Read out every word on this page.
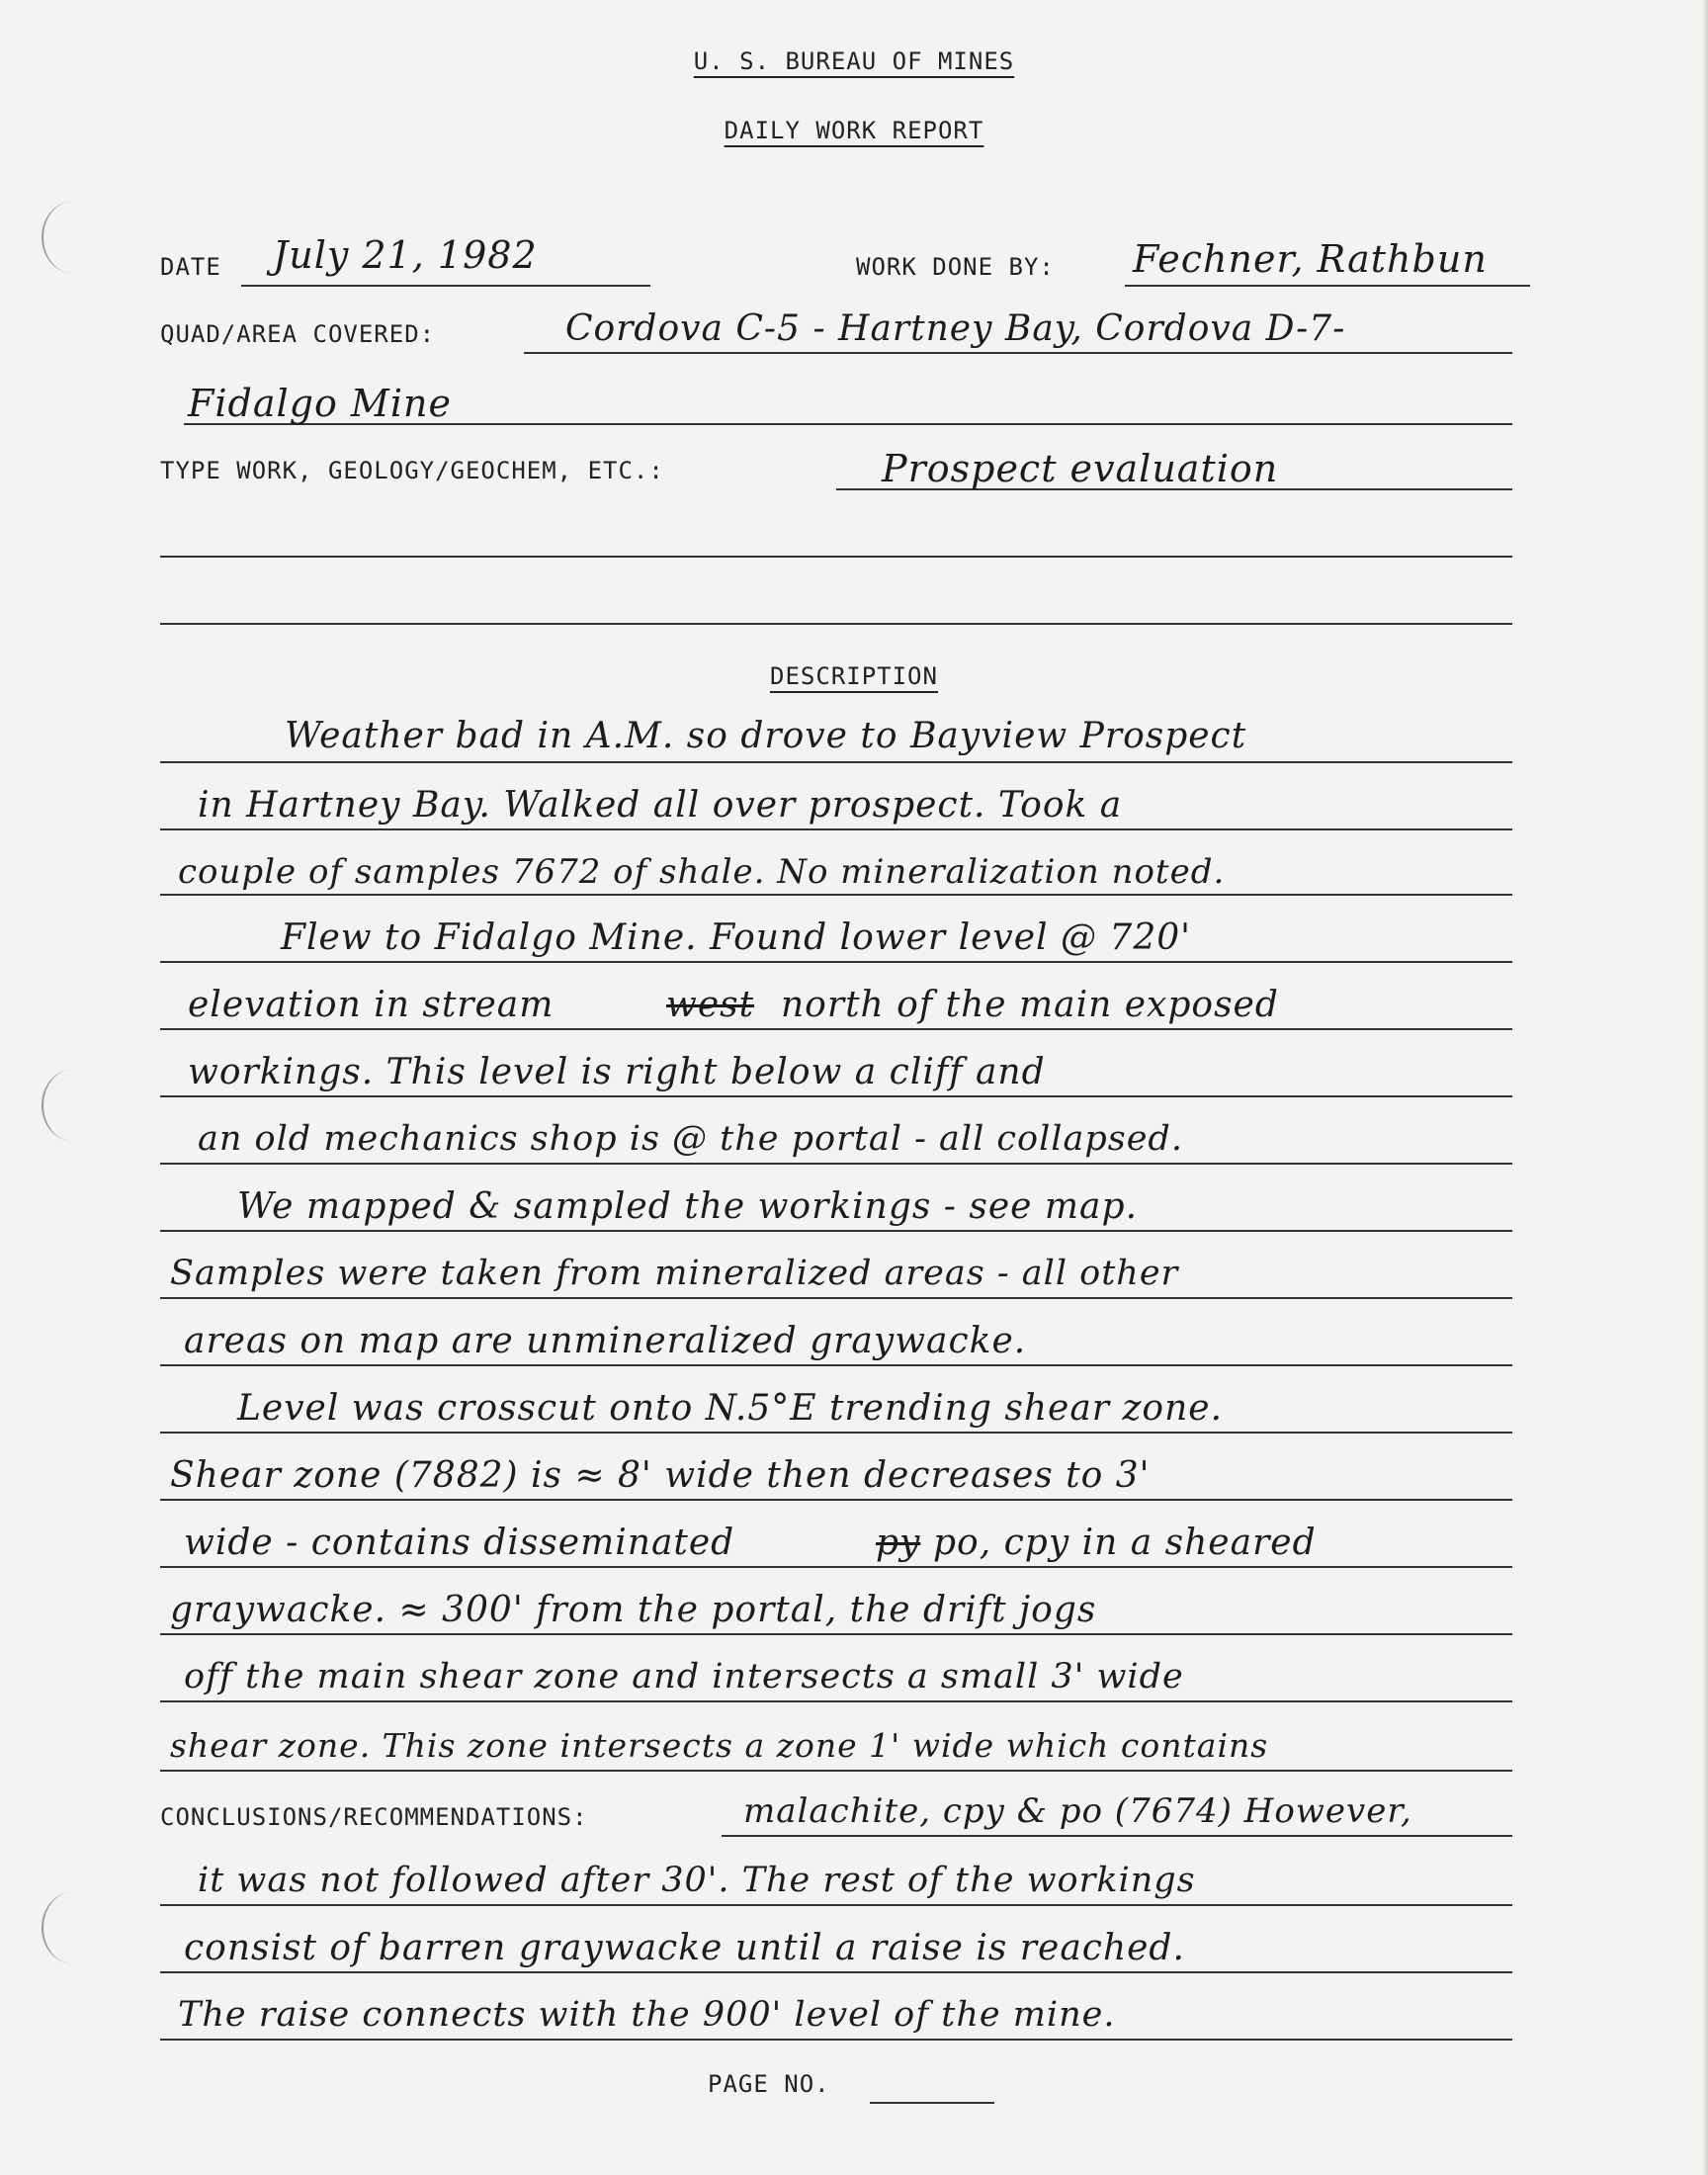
U. S. BUREAU OF MINES
DAILY WORK REPORT
DATE July 21, 1982	WORK DONE BY: Fechner, Rathbun
QUAD/AREA COVERED:	Cordova C-5 - Hartney Bay, Cordova D-7-
Fidalgo Mine
TYPE WORK, GEOLOGY/GEOCHEM, ETC.:	Prospect evaluation
DESCRIPTION
Weather bad in A.M. so drove to Bayview Prospect
in Hartney Bay. Walked all over prospect. Took a
couple of samples 7672 of shale. No mineralization noted.
Flew to Fidalgo Mine. Found lower level @ 720'
elevation in stream	west north of the main exposed
workings. This level is right below a cliff and
an old mechanics shop is @ the portal - all collapsed.
We mapped & sampled the workings - see map.
Samples were taken from mineralized areas - all other
areas on map are unmineralized graywacke.
Level was crosscut onto N.5°E trending shear zone.
Shear zone (7882) is ≈ 8' wide then decreases to 3'
wide - contains disseminated	py po, cpy in a sheared
graywacke. ≈ 300' from the portal, the drift jogs
off the main shear zone and intersects a small 3' wide
shear zone. This zone intersects a zone 1' wide which contains
CONCLUSIONS/RECOMMENDATIONS:	malachite, cpy & po (7674) However,
it was not followed after 30'. The rest of the workings
consist of barren graywacke until a raise is reached.
The raise connects with the 900' level of the mine.
PAGE NO.
